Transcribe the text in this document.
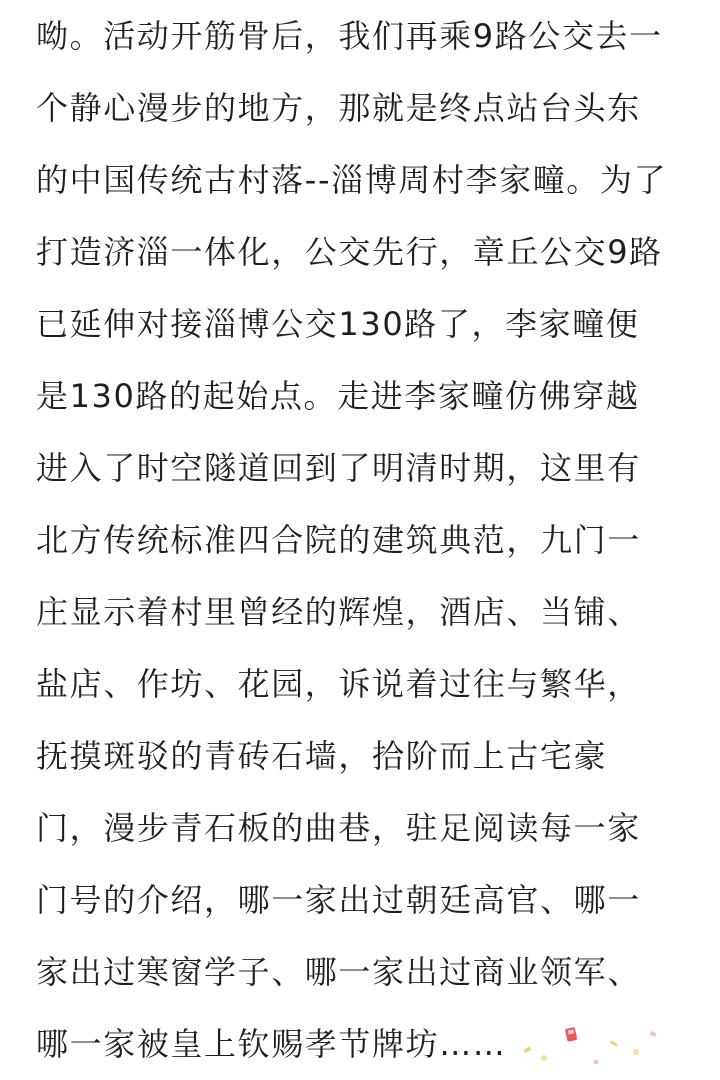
呦。活动开筋骨后，我们再乘9路公交去一
个静心漫步的地方，那就是终点站台头东
的中国传统古村落--淄博周村李家疃。为了
打造济淄一体化，公交先行，章丘公交9路
已延伸对接淄博公交130路了，李家疃便
是130路的起始点。走进李家疃仿佛穿越
进入了时空隧道回到了明清时期，这里有
北方传统标准四合院的建筑典范，九门一
庄显示着村里曾经的辉煌，酒店、当铺、
盐店、作坊、花园，诉说着过往与繁华，
抚摸斑驳的青砖石墙，拾阶而上古宅豪
门，漫步青石板的曲巷，驻足阅读每一家
门号的介绍，哪一家出过朝廷高官、哪一
家出过寒窗学子、哪一家出过商业领军、
哪一家被皇上钦赐孝节牌坊……
